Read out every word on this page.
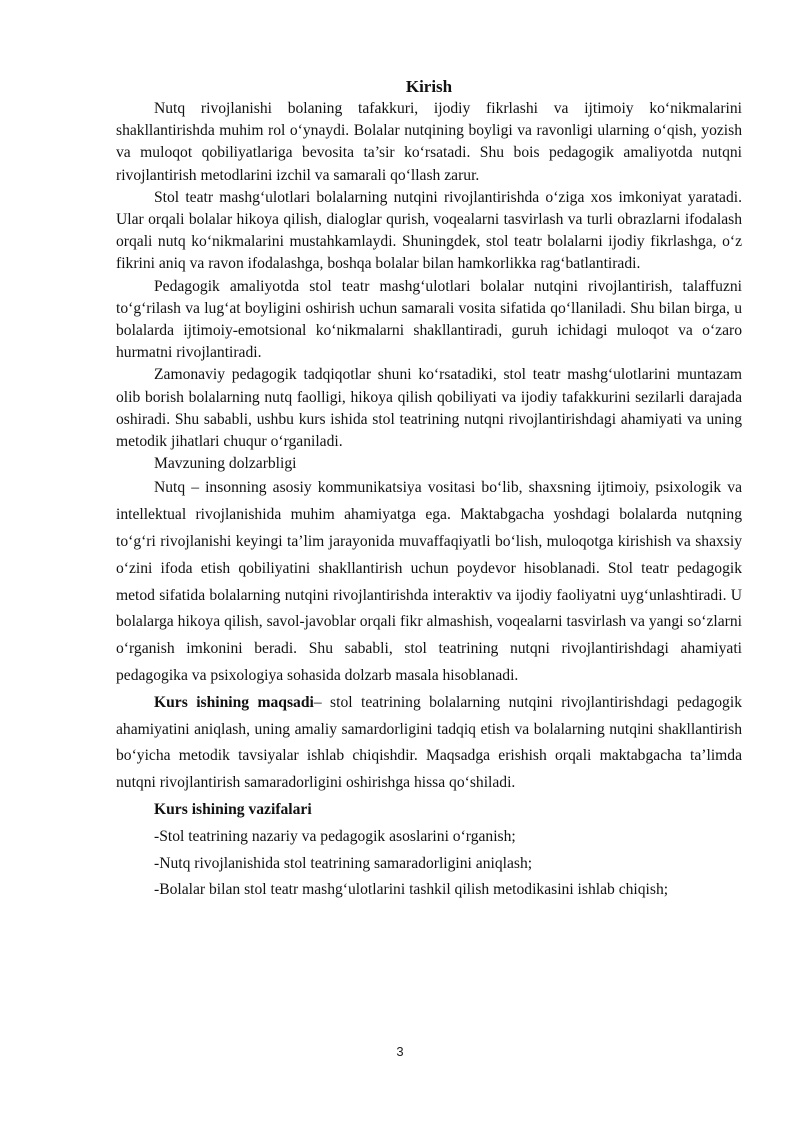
Kirish

Nutq rivojlanishi bolaning tafakkuri, ijodiy fikrlashi va ijtimoiy ko‘nikmalarini shakllantirishda muhim rol o‘ynaydi. Bolalar nutqining boyligi va ravonligi ularning o‘qish, yozish va muloqot qobiliyatlariga bevosita ta’sir ko‘rsatadi. Shu bois pedagogik amaliyotda nutqni rivojlantirish metodlarini izchil va samarali qo‘llash zarur.

Stol teatr mashg‘ulotlari bolalarning nutqini rivojlantirishda o‘ziga xos imkoniyat yaratadi. Ular orqali bolalar hikoya qilish, dialoglar qurish, voqealarni tasvirlash va turli obrazlarni ifodalash orqali nutq ko‘nikmalarini mustahkamlaydi. Shuningdek, stol teatr bolalarni ijodiy fikrlashga, o‘z fikrini aniq va ravon ifodalashga, boshqa bolalar bilan hamkorlikka rag‘batlantiradi.

Pedagogik amaliyotda stol teatr mashg‘ulotlari bolalar nutqini rivojlantirish, talaffuzni to‘g‘rilash va lug‘at boyligini oshirish uchun samarali vosita sifatida qo‘llaniladi. Shu bilan birga, u bolalarda ijtimoiy-emotsional ko‘nikmalarni shakllantiradi, guruh ichidagi muloqot va o‘zaro hurmatni rivojlantiradi.

Zamonaviy pedagogik tadqiqotlar shuni ko‘rsatadiki, stol teatr mashg‘ulotlarini muntazam olib borish bolalarning nutq faolligi, hikoya qilish qobiliyati va ijodiy tafakkurini sezilarli darajada oshiradi. Shu sababli, ushbu kurs ishida stol teatrining nutqni rivojlantirishdagi ahamiyati va uning metodik jihatlari chuqur o‘rganiladi.

Mavzuning dolzarbligi

Nutq – insonning asosiy kommunikatsiya vositasi bo‘lib, shaxsning ijtimoiy, psixologik va intellektual rivojlanishida muhim ahamiyatga ega. Maktabgacha yoshdagi bolalarda nutqning to‘g‘ri rivojlanishi keyingi ta’lim jarayonida muvaffaqiyatli bo‘lish, muloqotga kirishish va shaxsiy o‘zini ifoda etish qobiliyatini shakllantirish uchun poydevor hisoblanadi. Stol teatr pedagogik metod sifatida bolalarning nutqini rivojlantirishda interaktiv va ijodiy faoliyatni uyg‘unlashtiradi. U bolalarga hikoya qilish, savol-javoblar orqali fikr almashish, voqealarni tasvirlash va yangi so‘zlarni o‘rganish imkonini beradi. Shu sababli, stol teatrining nutqni rivojlantirishdagi ahamiyati pedagogika va psixologiya sohasida dolzarb masala hisoblanadi.

Kurs ishining maqsadi– stol teatrining bolalarning nutqini rivojlantirishdagi pedagogik ahamiyatini aniqlash, uning amaliy samardorligini tadqiq etish va bolalarning nutqini shakllantirish bo‘yicha metodik tavsiyalar ishlab chiqishdir. Maqsadga erishish orqali maktabgacha ta’limda nutqni rivojlantirish samaradorligini oshirishga hissa qo‘shiladi.

Kurs ishining vazifalari

-Stol teatrining nazariy va pedagogik asoslarini o‘rganish;

-Nutq rivojlanishida stol teatrining samaradorligini aniqlash;

-Bolalar bilan stol teatr mashg‘ulotlarini tashkil qilish metodikasini ishlab chiqish;

3
